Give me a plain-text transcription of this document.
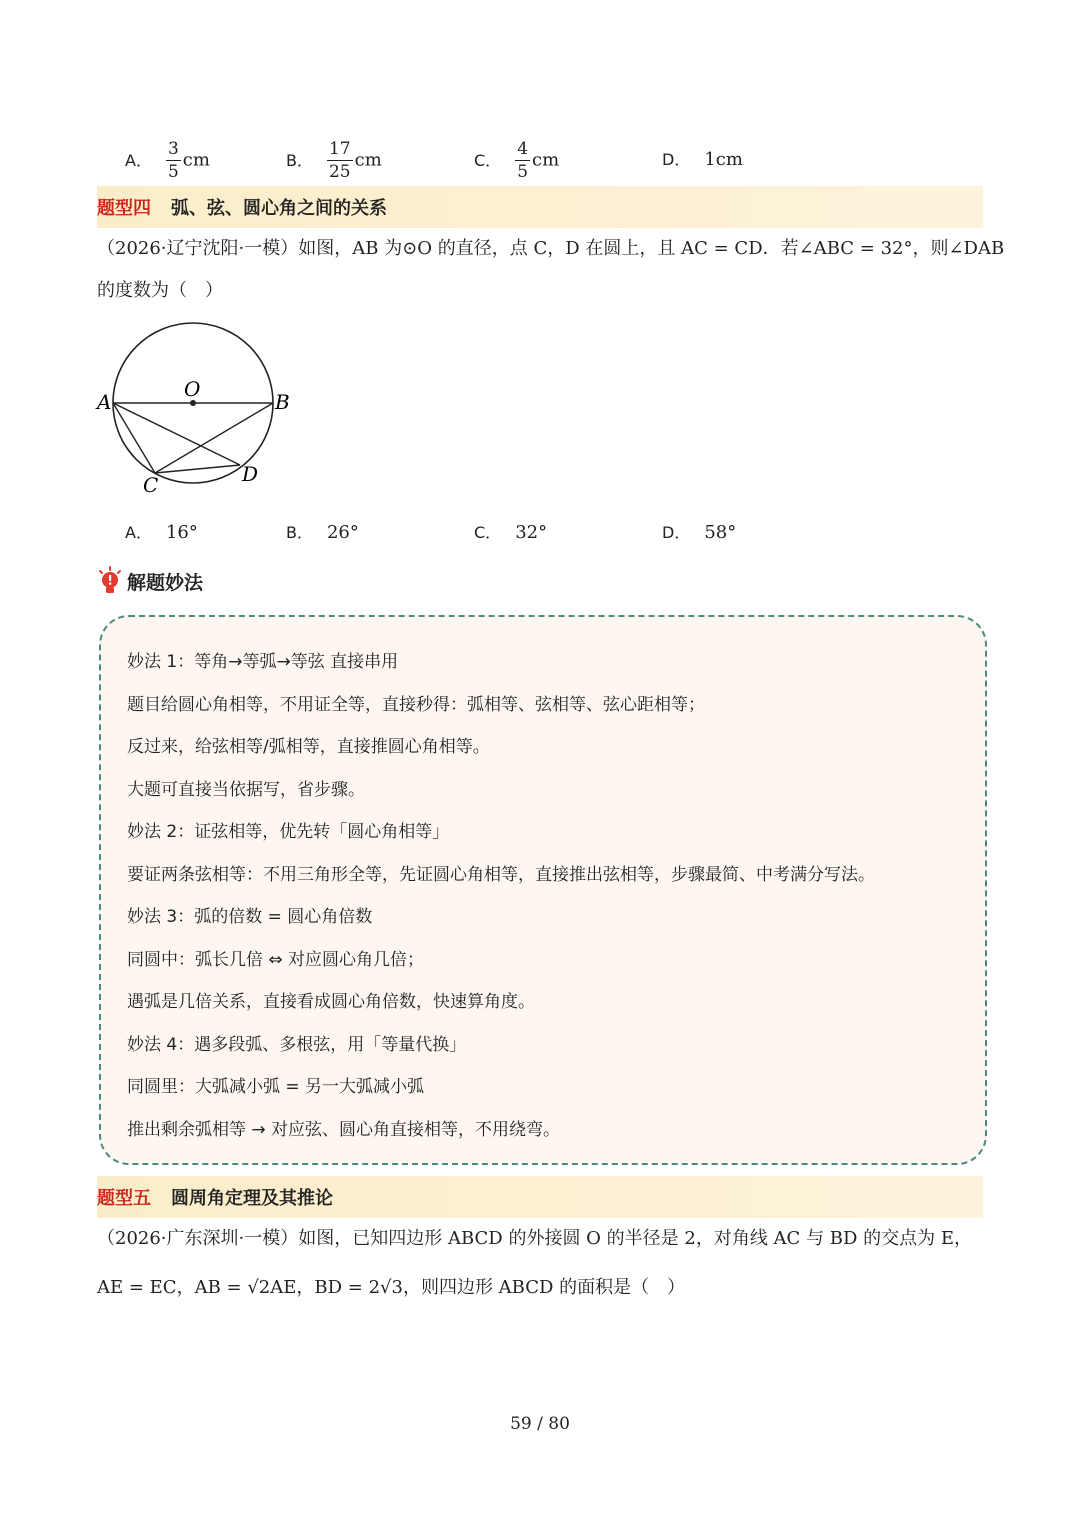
A． $\frac{3}{5}$ cm	B． $\frac{17}{25}$ cm	C． $\frac{4}{5}$ cm	D． 1cm
题型四 弧、弦、圆心角之间的关系
（2026·辽宁沈阳·一模）如图，AB 为⊙O 的直径，点 C，D 在圆上，且 AC = CD．若∠ABC = 32°，则∠DAB
的度数为（　）
O
A	B
C	D
A． 16°	B． 26°	C． 32°	D． 58°
解题妙法
妙法 1：等角→等弧→等弦 直接串用
题目给圆心角相等，不用证全等，直接秒得：弧相等、弦相等、弦心距相等；
反过来，给弦相等/弧相等，直接推圆心角相等。
大题可直接当依据写，省步骤。
妙法 2：证弦相等，优先转「圆心角相等」
要证两条弦相等：不用三角形全等，先证圆心角相等，直接推出弦相等，步骤最简、中考满分写法。
妙法 3：弧的倍数 = 圆心角倍数
同圆中：弧长几倍 ⇔ 对应圆心角几倍；
遇弧是几倍关系，直接看成圆心角倍数，快速算角度。
妙法 4：遇多段弧、多根弦，用「等量代换」
同圆里：大弧减小弧 = 另一大弧减小弧
推出剩余弧相等 → 对应弦、圆心角直接相等，不用绕弯。
题型五 圆周角定理及其推论
（2026·广东深圳·一模）如图，已知四边形 ABCD 的外接圆 O 的半径是 2，对角线 AC 与 BD 的交点为 E，
AE = EC，AB = √2AE，BD = 2√3，则四边形 ABCD 的面积是（　）
59 / 80
